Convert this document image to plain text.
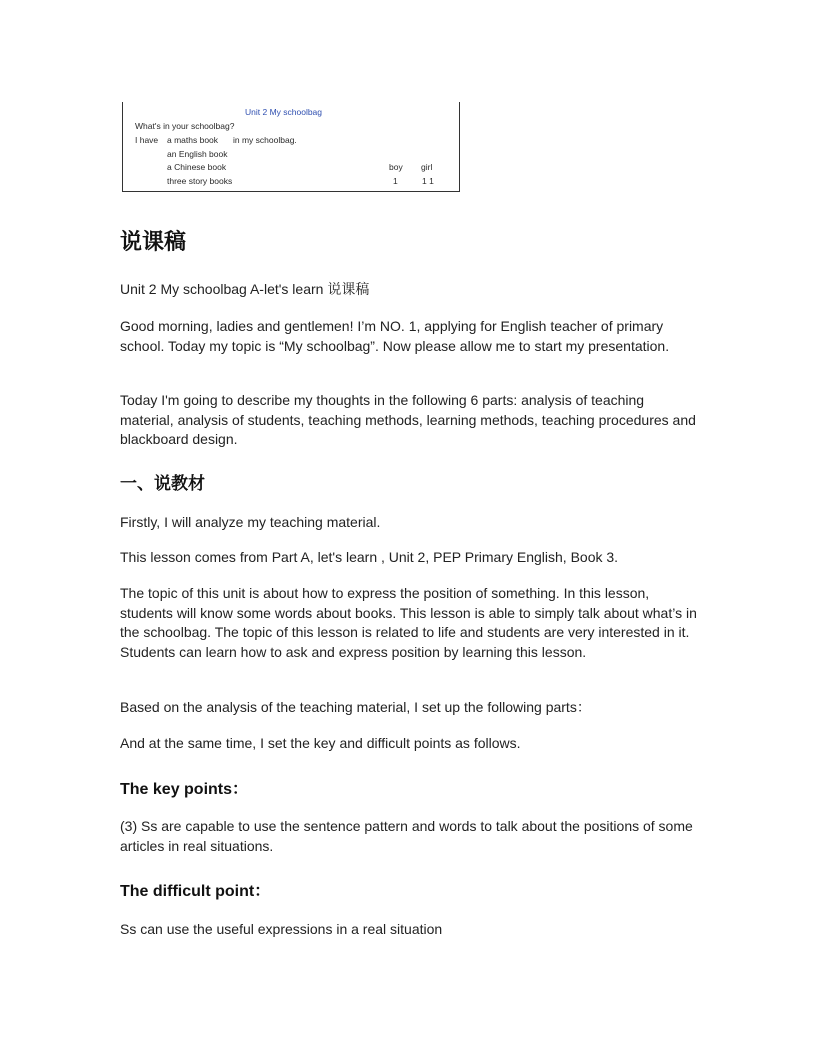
Unit 2 My schoolbag
What's in your schoolbag?
I have a maths book in my schoolbag.
an English book
a Chinese book
three story books
boy girl
1	1 1
说课稿

Unit 2 My schoolbag A-let's learn 说课稿

Good morning, ladies and gentlemen! I’m NO. 1, applying for English teacher of primary school. Today my topic is “My schoolbag”. Now please allow me to start my presentation.

Today I'm going to describe my thoughts in the following 6 parts: analysis of teaching material, analysis of students, teaching methods, learning methods, teaching procedures and blackboard design.

一、说教材

Firstly, I will analyze my teaching material.

This lesson comes from Part A, let's learn , Unit 2, PEP Primary English, Book 3.

The topic of this unit is about how to express the position of something. In this lesson, students will know some words about books. This lesson is able to simply talk about what’s in the schoolbag. The topic of this lesson is related to life and students are very interested in it. Students can learn how to ask and express position by learning this lesson.

Based on the analysis of the teaching material, I set up the following parts：

And at the same time, I set the key and difficult points as follows.

The key points：

(3) Ss are capable to use the sentence pattern and words to talk about the positions of some articles in real situations.

The difficult point：

Ss can use the useful expressions in a real situation
